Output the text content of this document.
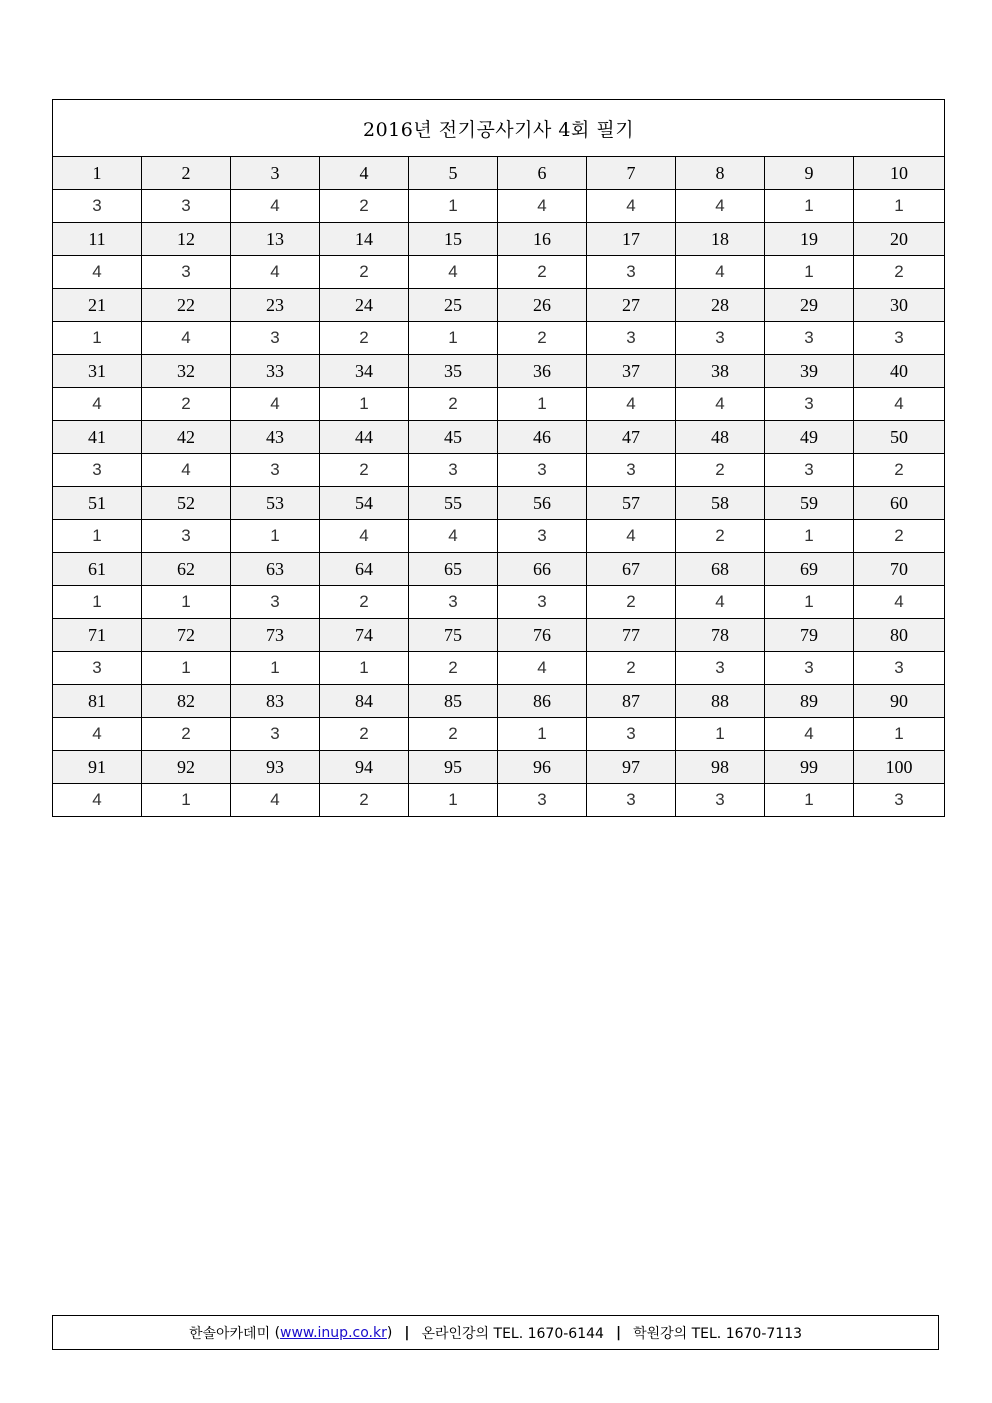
2016년 전기공사기사 4회 필기									
1	2	3	4	5	6	7	8	9	10
3	3	4	2	1	4	4	4	1	1
11	12	13	14	15	16	17	18	19	20
4	3	4	2	4	2	3	4	1	2
21	22	23	24	25	26	27	28	29	30
1	4	3	2	1	2	3	3	3	3
31	32	33	34	35	36	37	38	39	40
4	2	4	1	2	1	4	4	3	4
41	42	43	44	45	46	47	48	49	50
3	4	3	2	3	3	3	2	3	2
51	52	53	54	55	56	57	58	59	60
1	3	1	4	4	3	4	2	1	2
61	62	63	64	65	66	67	68	69	70
1	1	3	2	3	3	2	4	1	4
71	72	73	74	75	76	77	78	79	80
3	1	1	1	2	4	2	3	3	3
81	82	83	84	85	86	87	88	89	90
4	2	3	2	2	1	3	1	4	1
91	92	93	94	95	96	97	98	99	100
4	1	4	2	1	3	3	3	1	3
한솔아카데미
( www.inup.co.kr ) | 온라인강의 TEL. 1670-6144 | 학원강의 TEL. 1670-7113
